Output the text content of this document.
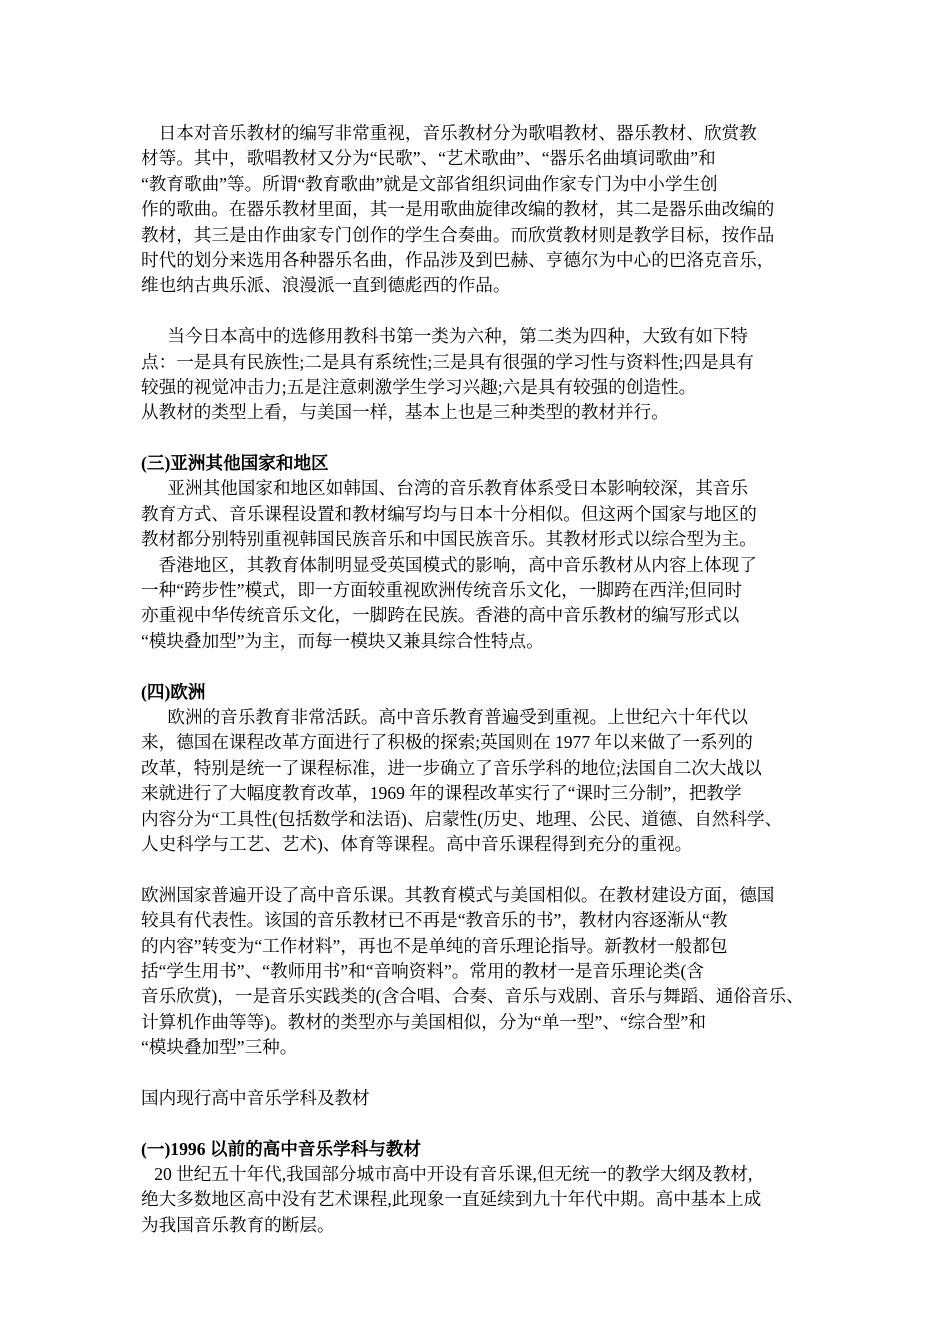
日本对音乐教材的编写非常重视，音乐教材分为歌唱教材、器乐教材、欣赏教
材等。其中，歌唱教材又分为“民歌”、“艺术歌曲”、“器乐名曲填词歌曲”和
“教育歌曲”等。所谓“教育歌曲”就是文部省组织词曲作家专门为中小学生创
作的歌曲。在器乐教材里面，其一是用歌曲旋律改编的教材，其二是器乐曲改编的
教材，其三是由作曲家专门创作的学生合奏曲。而欣赏教材则是教学目标，按作品
时代的划分来选用各种器乐名曲，作品涉及到巴赫、亨德尔为中心的巴洛克音乐，
维也纳古典乐派、浪漫派一直到德彪西的作品。
当今日本高中的选修用教科书第一类为六种，第二类为四种，大致有如下特
点：一是具有民族性;二是具有系统性;三是具有很强的学习性与资料性;四是具有
较强的视觉冲击力;五是注意刺激学生学习兴趣;六是具有较强的创造性。
从教材的类型上看，与美国一样，基本上也是三种类型的教材并行。
(三)亚洲其他国家和地区
亚洲其他国家和地区如韩国、台湾的音乐教育体系受日本影响较深，其音乐
教育方式、音乐课程设置和教材编写均与日本十分相似。但这两个国家与地区的
教材都分别特别重视韩国民族音乐和中国民族音乐。其教材形式以综合型为主。
香港地区，其教育体制明显受英国模式的影响，高中音乐教材从内容上体现了
一种“跨步性”模式，即一方面较重视欧洲传统音乐文化，一脚跨在西洋;但同时
亦重视中华传统音乐文化，一脚跨在民族。香港的高中音乐教材的编写形式以
“模块叠加型”为主，而每一模块又兼具综合性特点。
(四)欧洲
欧洲的音乐教育非常活跃。高中音乐教育普遍受到重视。上世纪六十年代以
来，德国在课程改革方面进行了积极的探索;英国则在 1977 年以来做了一系列的
改革，特别是统一了课程标准，进一步确立了音乐学科的地位;法国自二次大战以
来就进行了大幅度教育改革，1969 年的课程改革实行了“课时三分制”，把教学
内容分为“工具性(包括数学和法语)、启蒙性(历史、地理、公民、道德、自然科学、
人史科学与工艺、艺术)、体育等课程。高中音乐课程得到充分的重视。
欧洲国家普遍开设了高中音乐课。其教育模式与美国相似。在教材建设方面，德国
较具有代表性。该国的音乐教材已不再是“教音乐的书”，教材内容逐渐从“教
的内容”转变为“工作材料”，再也不是单纯的音乐理论指导。新教材一般都包
括“学生用书”、“教师用书”和“音响资料”。常用的教材一是音乐理论类(含
音乐欣赏)，一是音乐实践类的(含合唱、合奏、音乐与戏剧、音乐与舞蹈、通俗音乐、
计算机作曲等等)。教材的类型亦与美国相似，分为“单一型”、“综合型”和
“模块叠加型”三种。
国内现行高中音乐学科及教材
(一)1996 以前的高中音乐学科与教材
20 世纪五十年代,我国部分城市高中开设有音乐课,但无统一的教学大纲及教材,
绝大多数地区高中没有艺术课程,此现象一直延续到九十年代中期。高中基本上成
为我国音乐教育的断层。
